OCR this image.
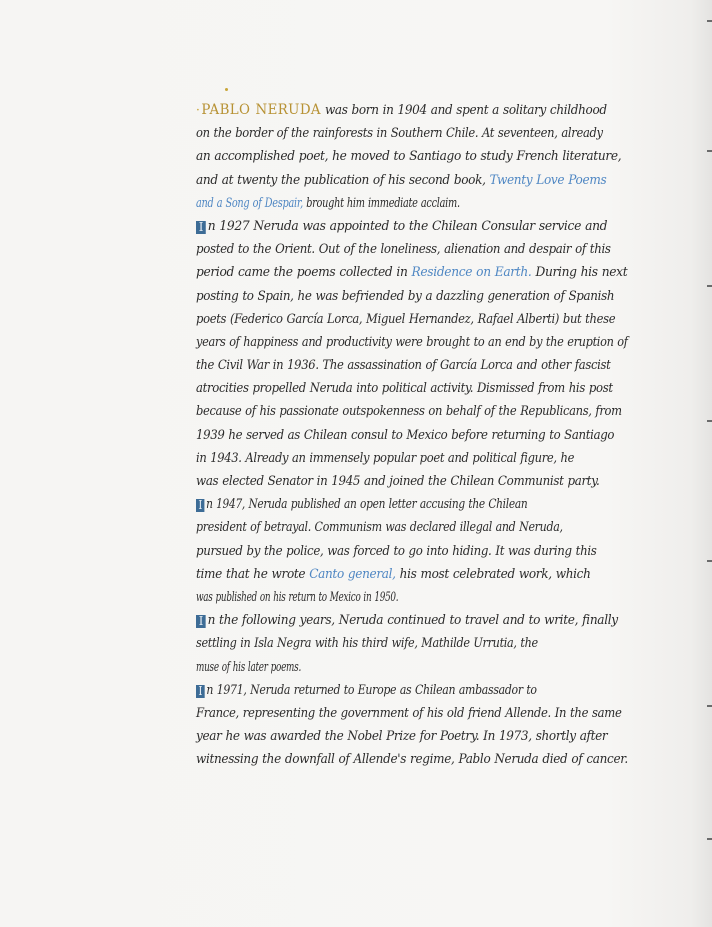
· PABLO NERUDA was born in 1904 and spent a solitary childhood
on the border of the rainforests in Southern Chile. At seventeen, already
an accomplished poet, he moved to Santiago to study French literature,
and at twenty the publication of his second book, Twenty Love Poems
and a Song of Despair, brought him immediate acclaim.
I n 1927 Neruda was appointed to the Chilean Consular service and
posted to the Orient. Out of the loneliness, alienation and despair of this
period came the poems collected in Residence on Earth. During his next
posting to Spain, he was befriended by a dazzling generation of Spanish
poets (Federico García Lorca, Miguel Hernandez, Rafael Alberti) but these
years of happiness and productivity were brought to an end by the eruption of
the Civil War in 1936. The assassination of García Lorca and other fascist
atrocities propelled Neruda into political activity. Dismissed from his post
because of his passionate outspokenness on behalf of the Republicans, from
1939 he served as Chilean consul to Mexico before returning to Santiago
in 1943. Already an immensely popular poet and political figure, he
was elected Senator in 1945 and joined the Chilean Communist party.
I n 1947, Neruda published an open letter accusing the Chilean
president of betrayal. Communism was declared illegal and Neruda,
pursued by the police, was forced to go into hiding. It was during this
time that he wrote Canto general, his most celebrated work, which
was published on his return to Mexico in 1950.
I n the following years, Neruda continued to travel and to write, finally
settling in Isla Negra with his third wife, Mathilde Urrutia, the
muse of his later poems.
I n 1971, Neruda returned to Europe as Chilean ambassador to
France, representing the government of his old friend Allende. In the same
year he was awarded the Nobel Prize for Poetry. In 1973, shortly after
witnessing the downfall of Allende's regime, Pablo Neruda died of cancer.
